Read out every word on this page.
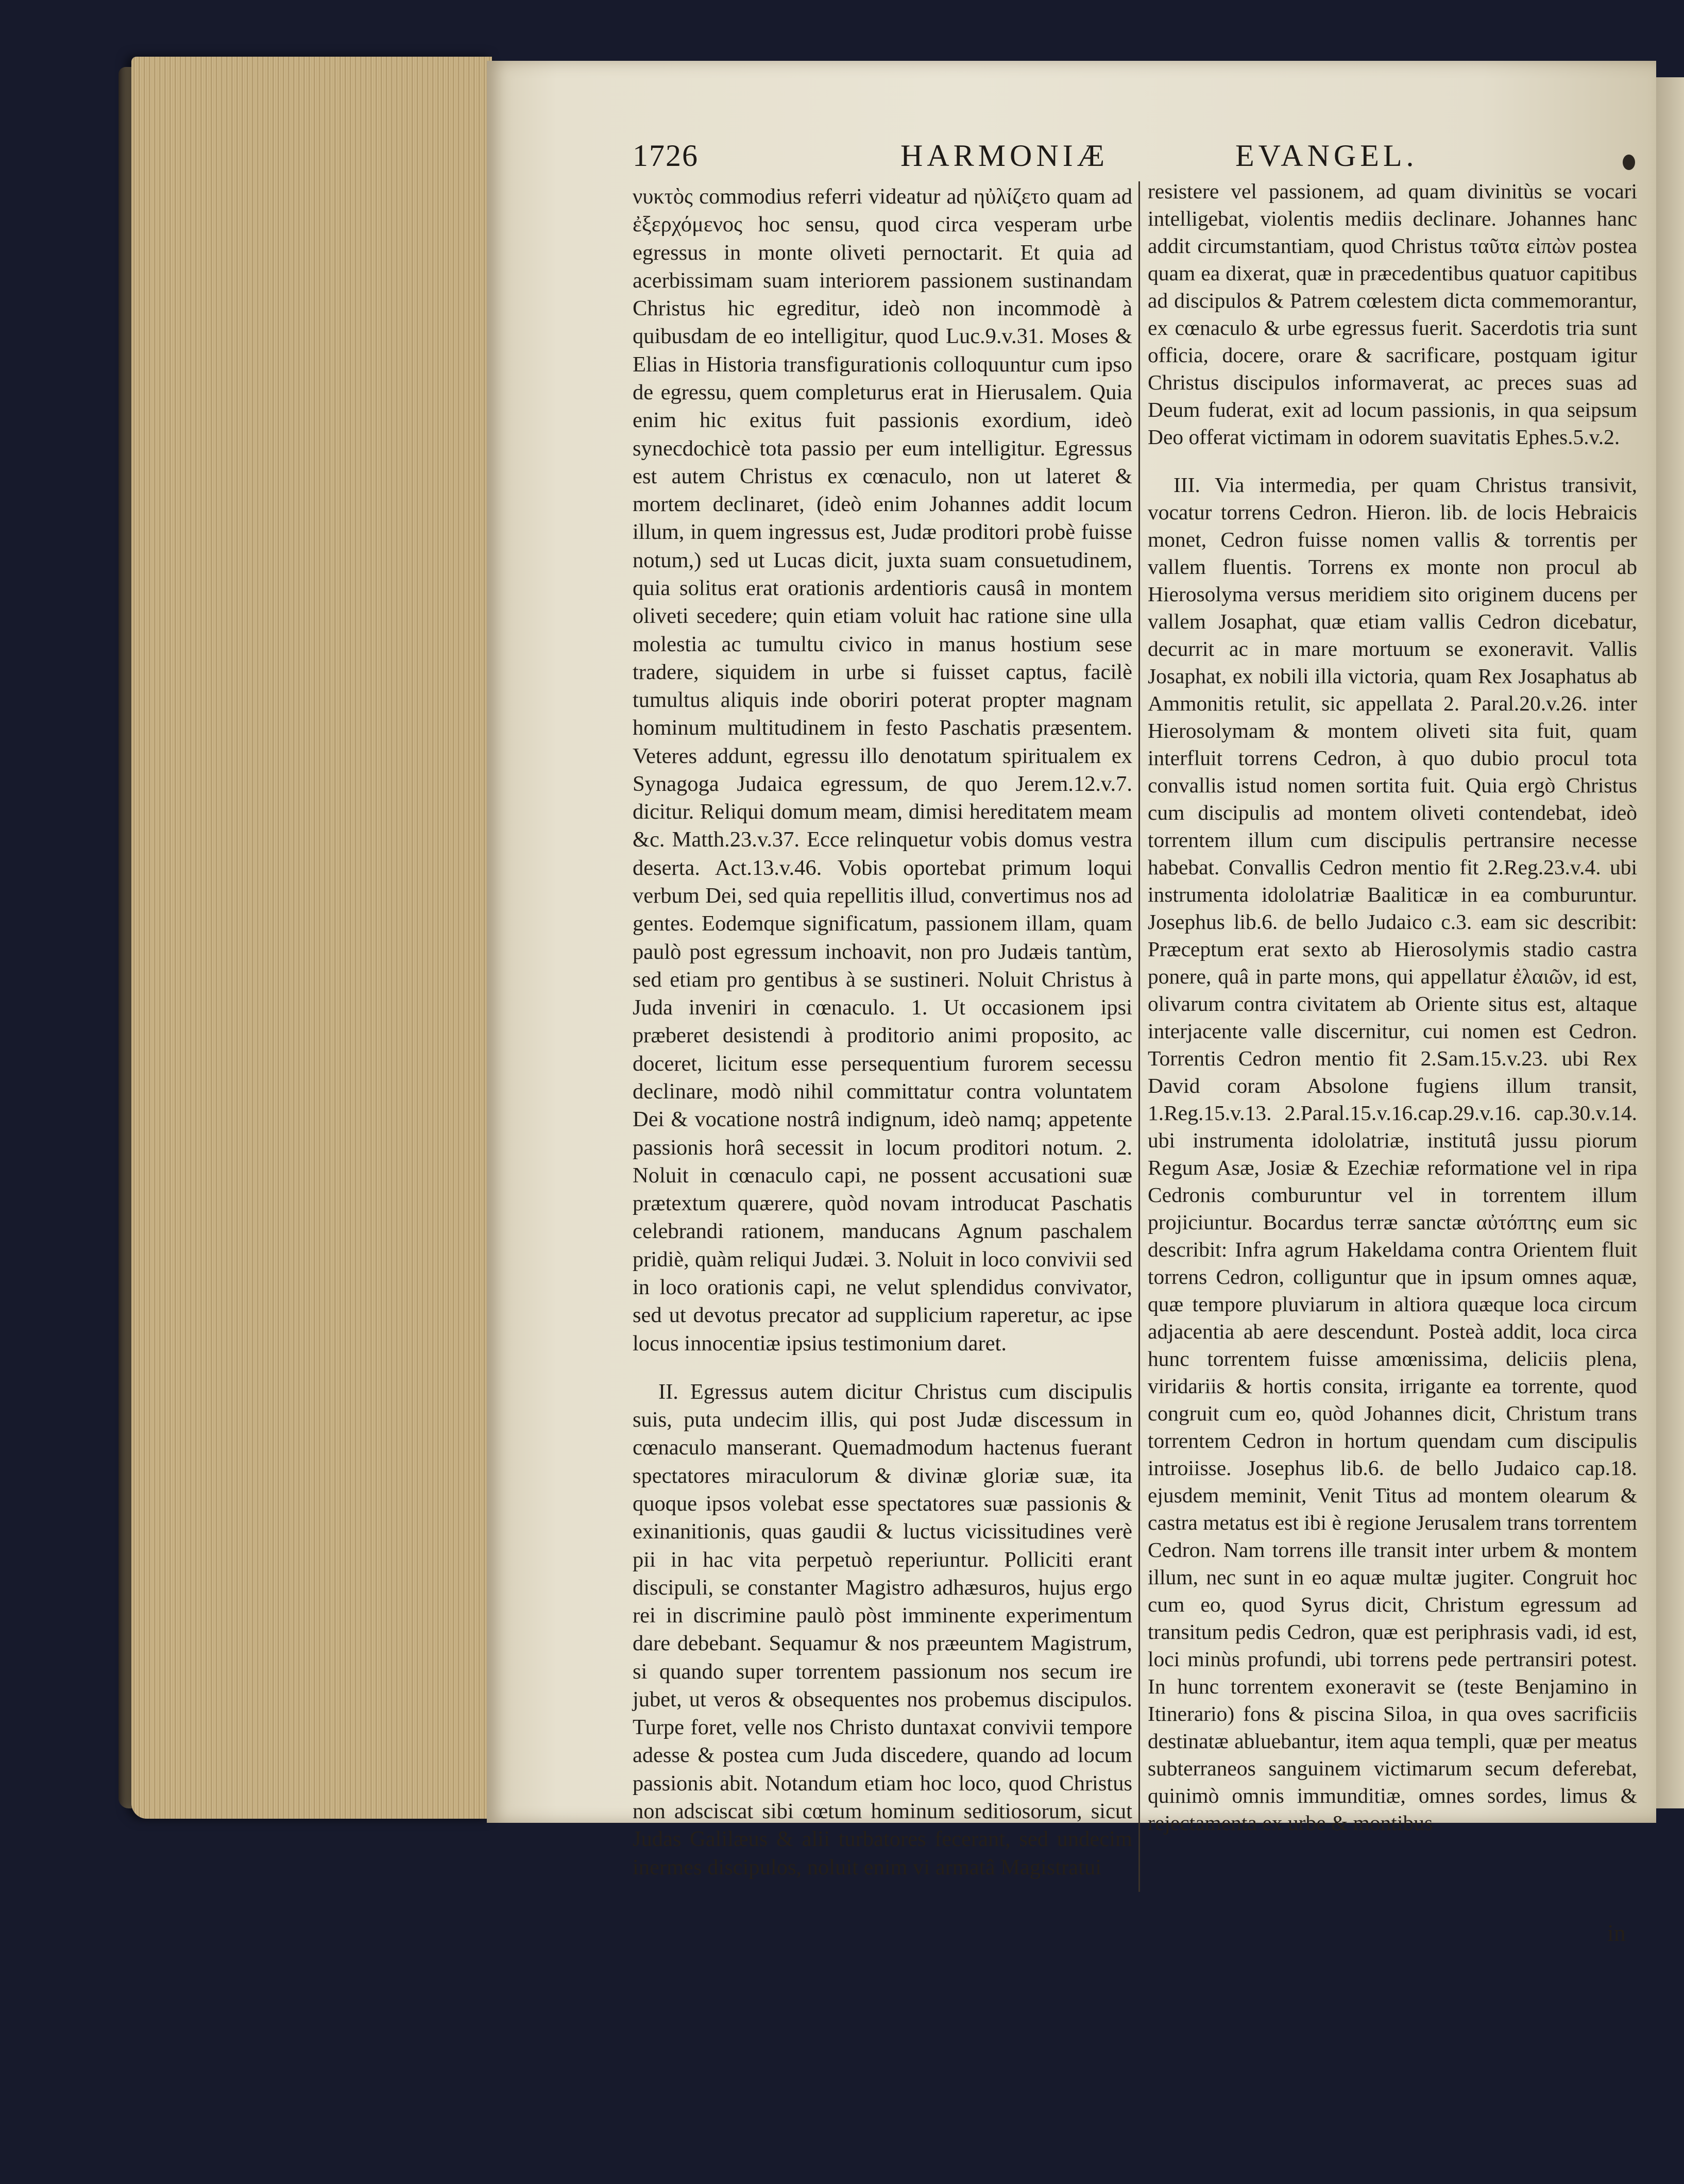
1726	HARMONIÆ	EVANGEL.

νυκτὸς commodius referri videatur ad ηὐλίζετο quam ad ἐξερχόμενος hoc sensu, quod circa vesperam urbe egressus in monte oliveti pernoctarit. Et quia ad acerbissimam suam interiorem passionem sustinandam Christus hic egreditur, ideò non incommodè à quibusdam de eo intelligitur, quod Luc.9.v.31. Moses & Elias in Historia transfigurationis colloquuntur cum ipso de egressu, quem completurus erat in Hierusalem. Quia enim hic exitus fuit passionis exordium, ideò synecdochicè tota passio per eum intelligitur. Egressus est autem Christus ex cœnaculo, non ut lateret & mortem declinaret, (ideò enim Johannes addit locum illum, in quem ingressus est, Judæ proditori probè fuisse notum,) sed ut Lucas dicit, juxta suam consuetudinem, quia solitus erat orationis ardentioris causâ in montem oliveti secedere; quin etiam voluit hac ratione sine ulla molestia ac tumultu civico in manus hostium sese tradere, siquidem in urbe si fuisset captus, facilè tumultus aliquis inde oboriri poterat propter magnam hominum multitudinem in festo Paschatis præsentem. Veteres addunt, egressu illo denotatum spiritualem ex Synagoga Judaica egressum, de quo Jerem.12.v.7. dicitur. Reliqui domum meam, dimisi hereditatem meam &c. Matth.23.v.37. Ecce relinquetur vobis domus vestra deserta. Act.13.v.46. Vobis oportebat primum loqui verbum Dei, sed quia repellitis illud, convertimus nos ad gentes. Eodemque significatum, passionem illam, quam paulò post egressum inchoavit, non pro Judæis tantùm, sed etiam pro gentibus à se sustineri. Noluit Christus à Juda inveniri in cœnaculo. 1. Ut occasionem ipsi præberet desistendi à proditorio animi proposito, ac doceret, licitum esse persequentium furorem secessu declinare, modò nihil committatur contra voluntatem Dei & vocatione nostrâ indignum, ideò namq; appetente passionis horâ secessit in locum proditori notum. 2. Noluit in cœnaculo capi, ne possent accusationi suæ prætextum quærere, quòd novam introducat Paschatis celebrandi rationem, manducans Agnum paschalem pridiè, quàm reliqui Judæi. 3. Noluit in loco convivii sed in loco orationis capi, ne velut splendidus convivator, sed ut devotus precator ad supplicium raperetur, ac ipse locus innocentiæ ipsius testimonium daret.

II. Egressus autem dicitur Christus cum discipulis suis, puta undecim illis, qui post Judæ discessum in cœnaculo manserant. Quemadmodum hactenus fuerant spectatores miraculorum & divinæ gloriæ suæ, ita quoque ipsos volebat esse spectatores suæ passionis & exinanitionis, quas gaudii & luctus vicissitudines verè pii in hac vita perpetuò reperiuntur. Polliciti erant discipuli, se constanter Magistro adhæsuros, hujus ergo rei in discrimine paulò pòst imminente experimentum dare debebant. Sequamur & nos præeuntem Magistrum, si quando super torrentem passionum nos secum ire jubet, ut veros & obsequentes nos probemus discipulos. Turpe foret, velle nos Christo duntaxat convivii tempore adesse & postea cum Juda discedere, quando ad locum passionis abit. Notandum etiam hoc loco, quod Christus non adsciscat sibi cœtum hominum seditiosorum, sicut Judas Galilæus & alii turbatores fecerant, sed undecim inermes discipulos, noluit enim vi armatâ Magistratui

resistere vel passionem, ad quam divinitùs se vocari intelligebat, violentis mediis declinare. Johannes hanc addit circumstantiam, quod Christus ταῦτα εἰπὼν postea quam ea dixerat, quæ in præcedentibus quatuor capitibus ad discipulos & Patrem cœlestem dicta commemorantur, ex cœnaculo & urbe egressus fuerit. Sacerdotis tria sunt officia, docere, orare & sacrificare, postquam igitur Christus discipulos informaverat, ac preces suas ad Deum fuderat, exit ad locum passionis, in qua seipsum Deo offerat victimam in odorem suavitatis Ephes.5.v.2.

III. Via intermedia, per quam Christus transivit, vocatur torrens Cedron. Hieron. lib. de locis Hebraicis monet, Cedron fuisse nomen vallis & torrentis per vallem fluentis. Torrens ex monte non procul ab Hierosolyma versus meridiem sito originem ducens per vallem Josaphat, quæ etiam vallis Cedron dicebatur, decurrit ac in mare mortuum se exoneravit. Vallis Josaphat, ex nobili illa victoria, quam Rex Josaphatus ab Ammonitis retulit, sic appellata 2. Paral.20.v.26. inter Hierosolymam & montem oliveti sita fuit, quam interfluit torrens Cedron, à quo dubio procul tota convallis istud nomen sortita fuit. Quia ergò Christus cum discipulis ad montem oliveti contendebat, ideò torrentem illum cum discipulis pertransire necesse habebat. Convallis Cedron mentio fit 2.Reg.23.v.4. ubi instrumenta idololatriæ Baaliticæ in ea comburuntur. Josephus lib.6. de bello Judaico c.3. eam sic describit: Præceptum erat sexto ab Hierosolymis stadio castra ponere, quâ in parte mons, qui appellatur ἐλαιῶν, id est, olivarum contra civitatem ab Oriente situs est, altaque interjacente valle discernitur, cui nomen est Cedron. Torrentis Cedron mentio fit 2.Sam.15.v.23. ubi Rex David coram Absolone fugiens illum transit, 1.Reg.15.v.13. 2.Paral.15.v.16.cap.29.v.16. cap.30.v.14. ubi instrumenta idololatriæ, institutâ jussu piorum Regum Asæ, Josiæ & Ezechiæ reformatione vel in ripa Cedronis comburuntur vel in torrentem illum projiciuntur. Bocardus terræ sanctæ αὐτόπτης eum sic describit: Infra agrum Hakeldama contra Orientem fluit torrens Cedron, colliguntur que in ipsum omnes aquæ, quæ tempore pluviarum in altiora quæque loca circum adjacentia ab aere descendunt. Posteà addit, loca circa hunc torrentem fuisse amœnissima, deliciis plena, viridariis & hortis consita, irrigante ea torrente, quod congruit cum eo, quòd Johannes dicit, Christum trans torrentem Cedron in hortum quendam cum discipulis introiisse. Josephus lib.6. de bello Judaico cap.18. ejusdem meminit, Venit Titus ad montem olearum & castra metatus est ibi è regione Jerusalem trans torrentem Cedron. Nam torrens ille transit inter urbem & montem illum, nec sunt in eo aquæ multæ jugiter. Congruit hoc cum eo, quod Syrus dicit, Christum egressum ad transitum pedis Cedron, quæ est periphrasis vadi, id est, loci minùs profundi, ubi torrens pede pertransiri potest. In hunc torrentem exoneravit se (teste Benjamino in Itinerario) fons & piscina Siloa, in qua oves sacrificiis destinatæ abluebantur, item aqua templi, quæ per meatus subterraneos sanguinem victimarum secum deferebat, quinimò omnis immunditiæ, omnes sordes, limus & rejectamenta ex urbe & montibus

in
